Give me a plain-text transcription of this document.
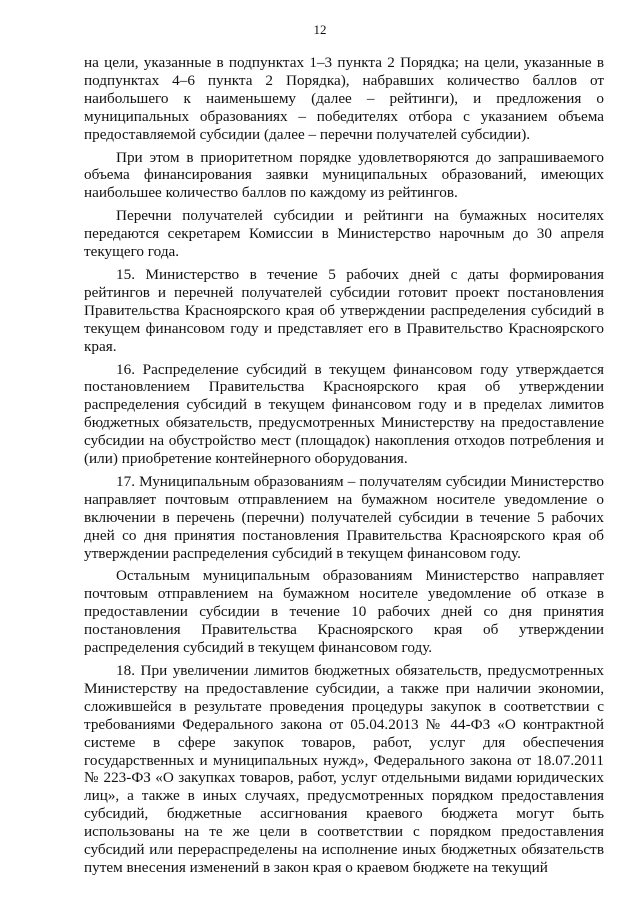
12

на цели, указанные в подпунктах 1–3 пункта 2 Порядка; на цели, указанные в подпунктах 4–6 пункта 2 Порядка), набравших количество баллов от наибольшего к наименьшему (далее – рейтинги), и предложения о муниципальных образованиях – победителях отбора с указанием объема предоставляемой субсидии (далее – перечни получателей субсидии).

При этом в приоритетном порядке удовлетворяются до запрашиваемого объема финансирования заявки муниципальных образований, имеющих наибольшее количество баллов по каждому из рейтингов.

Перечни получателей субсидии и рейтинги на бумажных носителях передаются секретарем Комиссии в Министерство нарочным до 30 апреля текущего года.

15. Министерство в течение 5 рабочих дней с даты формирования рейтингов и перечней получателей субсидии готовит проект постановления Правительства Красноярского края об утверждении распределения субсидий в текущем финансовом году и представляет его в Правительство Красноярского края.

16. Распределение субсидий в текущем финансовом году утверждается постановлением Правительства Красноярского края об утверждении распределения субсидий в текущем финансовом году и в пределах лимитов бюджетных обязательств, предусмотренных Министерству на предоставление субсидии на обустройство мест (площадок) накопления отходов потребления и (или) приобретение контейнерного оборудования.

17. Муниципальным образованиям – получателям субсидии Министерство направляет почтовым отправлением на бумажном носителе уведомление о включении в перечень (перечни) получателей субсидии в течение 5 рабочих дней со дня принятия постановления Правительства Красноярского края об утверждении распределения субсидий в текущем финансовом году.

Остальным муниципальным образованиям Министерство направляет почтовым отправлением на бумажном носителе уведомление об отказе в предоставлении субсидии в течение 10 рабочих дней со дня принятия постановления Правительства Красноярского края об утверждении распределения субсидий в текущем финансовом году.

18. При увеличении лимитов бюджетных обязательств, предусмотренных Министерству на предоставление субсидии, а также при наличии экономии, сложившейся в результате проведения процедуры закупок в соответствии с требованиями Федерального закона от 05.04.2013 № 44-ФЗ «О контрактной системе в сфере закупок товаров, работ, услуг для обеспечения государственных и муниципальных нужд», Федерального закона от 18.07.2011 № 223-ФЗ «О закупках товаров, работ, услуг отдельными видами юридических лиц», а также в иных случаях, предусмотренных порядком предоставления субсидий, бюджетные ассигнования краевого бюджета могут быть использованы на те же цели в соответствии с порядком предоставления субсидий или перераспределены на исполнение иных бюджетных обязательств путем внесения изменений в закон края о краевом бюджете на текущий
